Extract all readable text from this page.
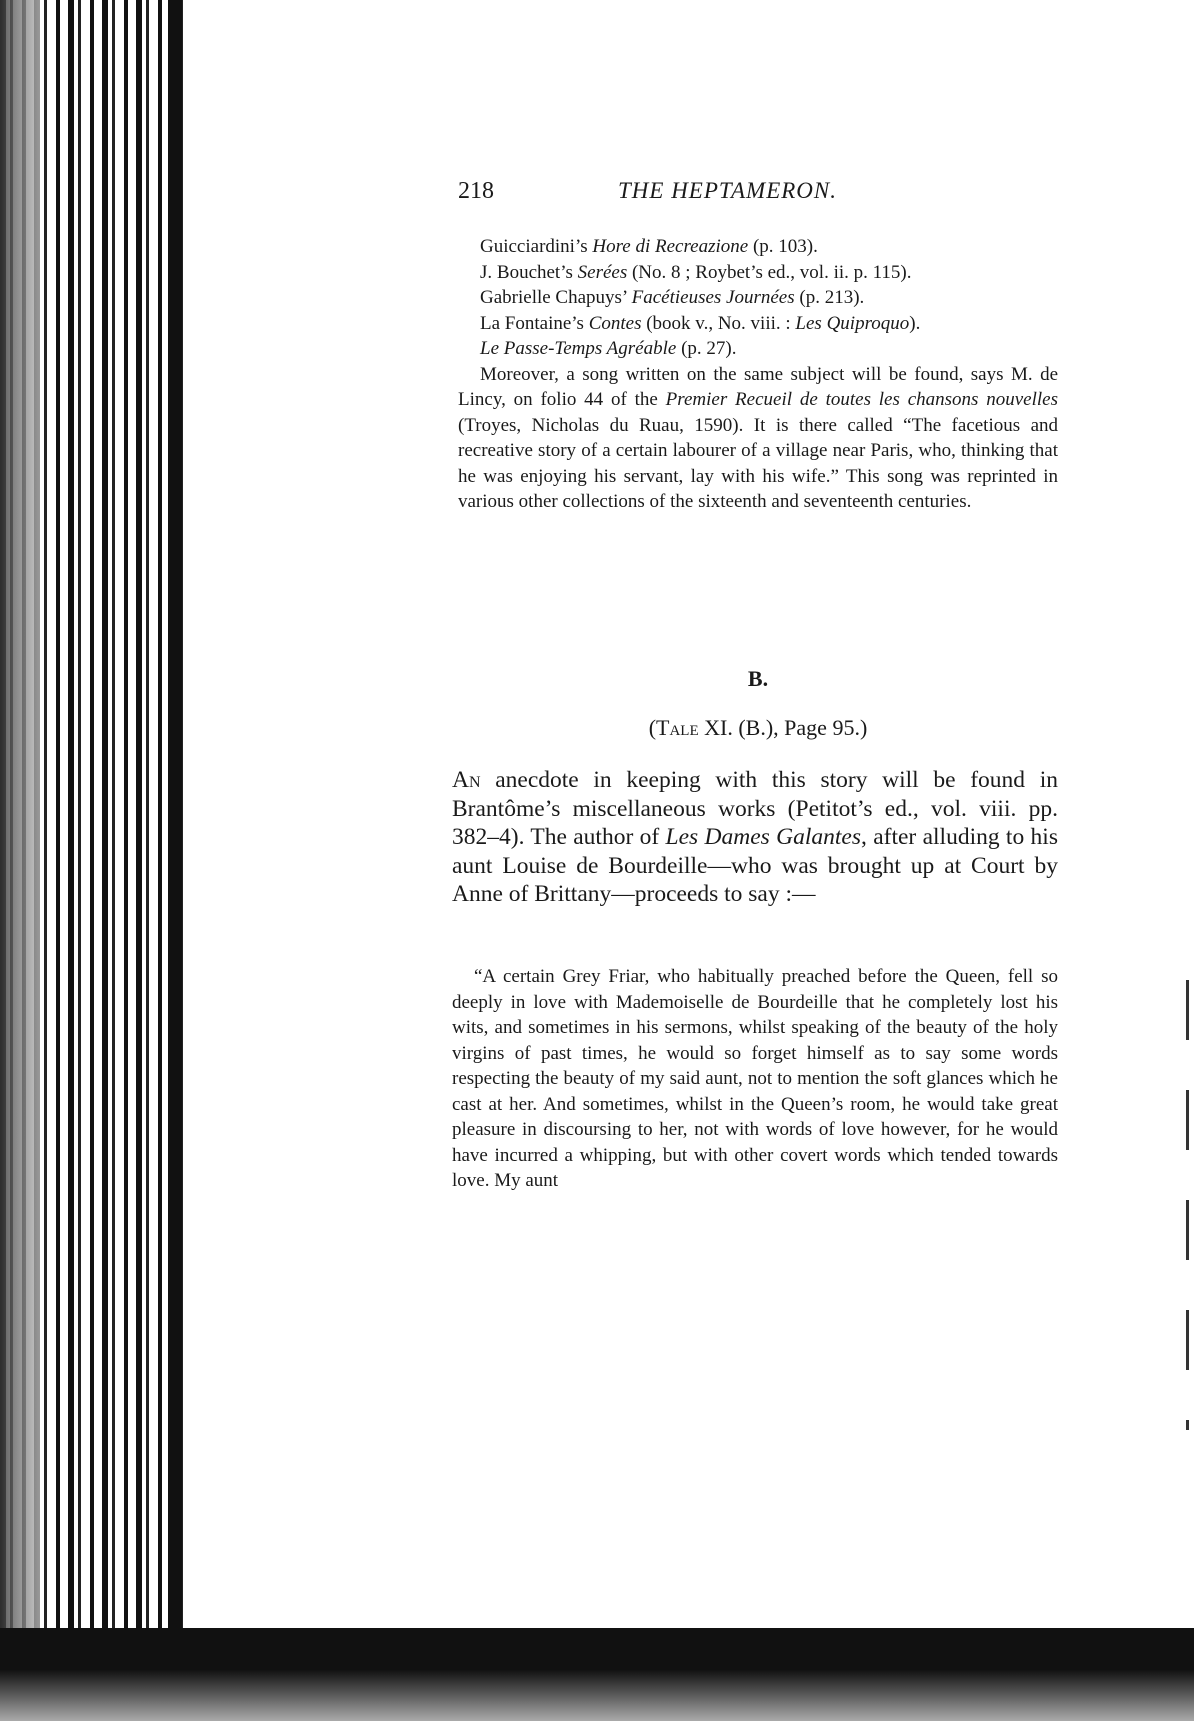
218	THE HEPTAMERON.

Guicciardini’s Hore di Recreazione (p. 103).

J. Bouchet’s Serées (No. 8 ; Roybet’s ed., vol. ii. p. 115).

Gabrielle Chapuys’ Facétieuses Journées (p. 213).

La Fontaine’s Contes (book v., No. viii. : Les Quiproquo).

Le Passe-Temps Agréable (p. 27).

Moreover, a song written on the same subject will be found, says M. de Lincy, on folio 44 of the Premier Recueil de toutes les chansons nouvelles (Troyes, Nicholas du Ruau, 1590). It is there called “The facetious and recreative story of a certain labourer of a village near Paris, who, thinking that he was enjoying his servant, lay with his wife.” This song was reprinted in various other collections of the sixteenth and seventeenth centuries.

B.
(Tale XI. (B.), Page 95.)

An anecdote in keeping with this story will be found in Brantôme’s miscellaneous works (Petitot’s ed., vol. viii. pp. 382–4). The author of Les Dames Galantes, after alluding to his aunt Louise de Bourdeille—who was brought up at Court by Anne of Brittany—proceeds to say :—

“A certain Grey Friar, who habitually preached before the Queen, fell so deeply in love with Mademoiselle de Bourdeille that he completely lost his wits, and sometimes in his sermons, whilst speaking of the beauty of the holy virgins of past times, he would so forget himself as to say some words respecting the beauty of my said aunt, not to mention the soft glances which he cast at her. And sometimes, whilst in the Queen’s room, he would take great pleasure in discoursing to her, not with words of love however, for he would have incurred a whipping, but with other covert words which tended towards love. My aunt
